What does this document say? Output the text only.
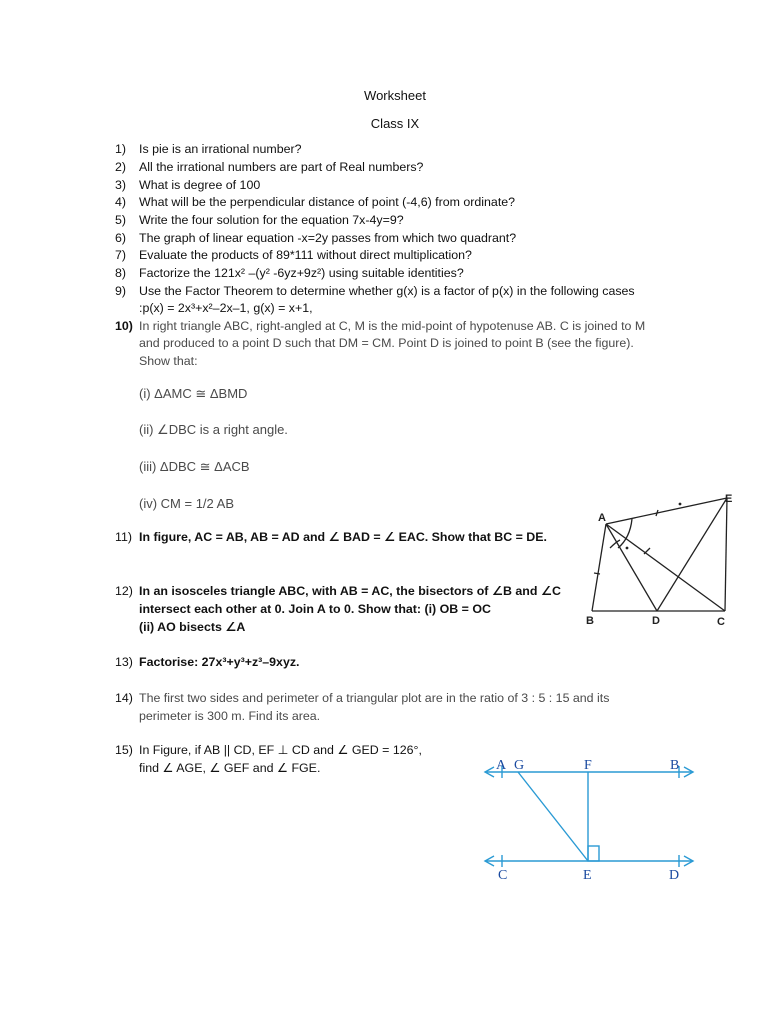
Worksheet
Class IX
1)	Is pie is an irrational number?
2)	All the irrational numbers are part of Real numbers?
3)	What is degree of 100
4)	What will be the perpendicular distance of point (-4,6) from ordinate?
5)	Write the four solution for the equation 7x-4y=9?
6)	The graph of linear equation -x=2y passes from which two quadrant?
7)	Evaluate the products of 89*111 without direct multiplication?
8)	Factorize the 121x² –(y² -6yz+9z²) using suitable identities?
9)	Use the Factor Theorem to determine whether g(x) is a factor of p(x) in the following cases
:p(x) = 2x³+x²–2x–1, g(x) = x+1,
10) In right triangle ABC, right-angled at C, M is the mid-point of hypotenuse AB. C is joined to M
and produced to a point D such that DM = CM. Point D is joined to point B (see the figure).
Show that:
(i) ΔAMC ≅ ΔBMD
(ii) ∠DBC is a right angle.
(iii) ΔDBC ≅ ΔACB
(iv) CM = 1/2 AB
11) In figure, AC = AB, AB = AD and ∠ BAD = ∠ EAC. Show that BC = DE.
12) In an isosceles triangle ABC, with AB = AC, the bisectors of ∠B and ∠C
intersect each other at 0. Join A to 0. Show that: (i) OB = OC
(ii) AO bisects ∠A
13) Factorise: 27x³+y³+z³–9xyz.
14) The first two sides and perimeter of a triangular plot are in the ratio of 3 : 5 : 15 and its
perimeter is 300 m. Find its area.
15) In Figure, if AB || CD, EF ⊥ CD and ∠ GED = 126°,
find ∠ AGE, ∠ GEF and ∠ FGE.
A
B	D	C
E
A G	F	B
C	E	D
